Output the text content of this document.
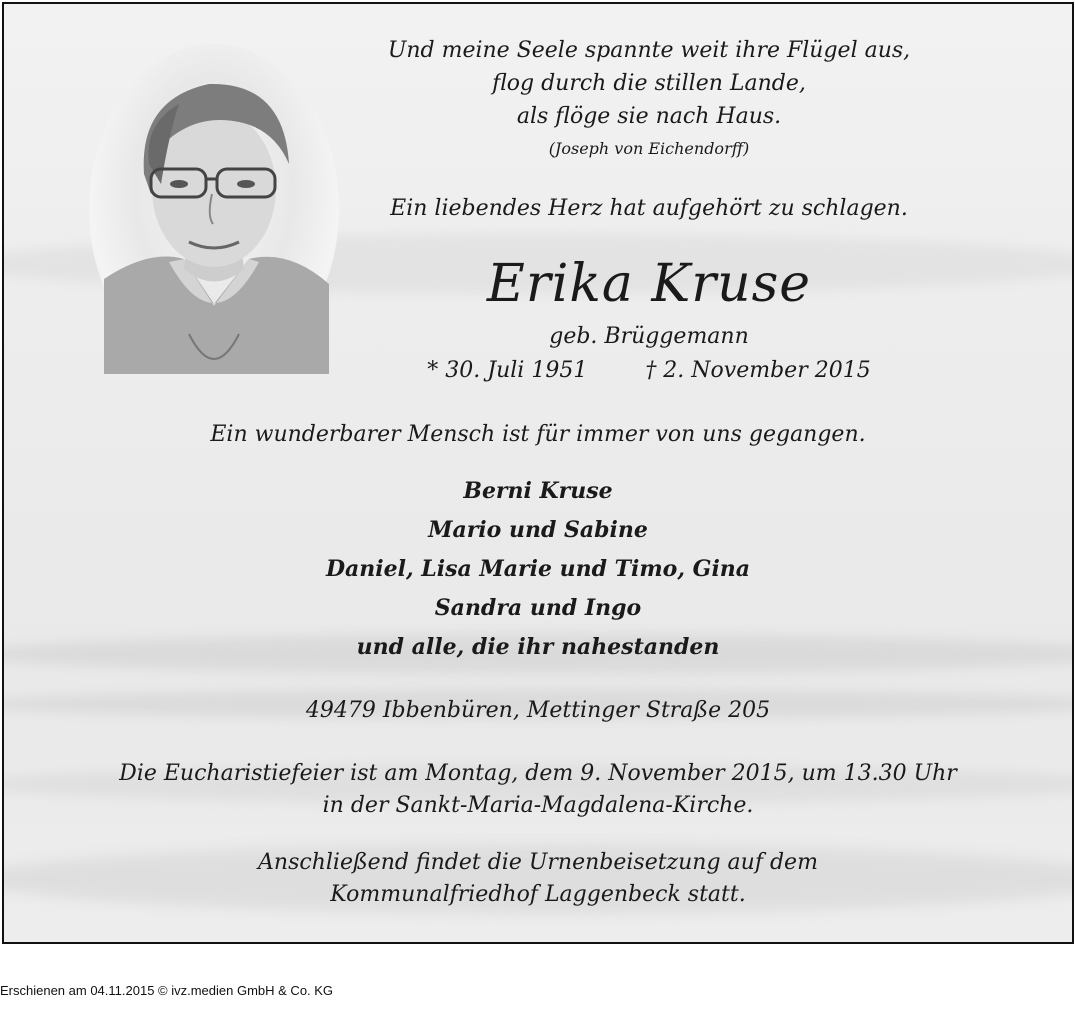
Und meine Seele spannte weit ihre Flügel aus,
flog durch die stillen Lande,
als flöge sie nach Haus.
(Joseph von Eichendorff)
Ein liebendes Herz hat aufgehört zu schlagen.
Erika Kruse
geb. Brüggemann
* 30. Juli 1951	† 2. November 2015
Ein wunderbarer Mensch ist für immer von uns gegangen.
Berni Kruse
Mario und Sabine
Daniel, Lisa Marie und Timo, Gina
Sandra und Ingo
und alle, die ihr nahestanden
49479 Ibbenbüren, Mettinger Straße 205
Die Eucharistiefeier ist am Montag, dem 9. November 2015, um 13.30 Uhr
in der Sankt-Maria-Magdalena-Kirche.
Anschließend findet die Urnenbeisetzung auf dem
Kommunalfriedhof Laggenbeck statt.
Erschienen am 04.11.2015 © ivz.medien GmbH & Co. KG
